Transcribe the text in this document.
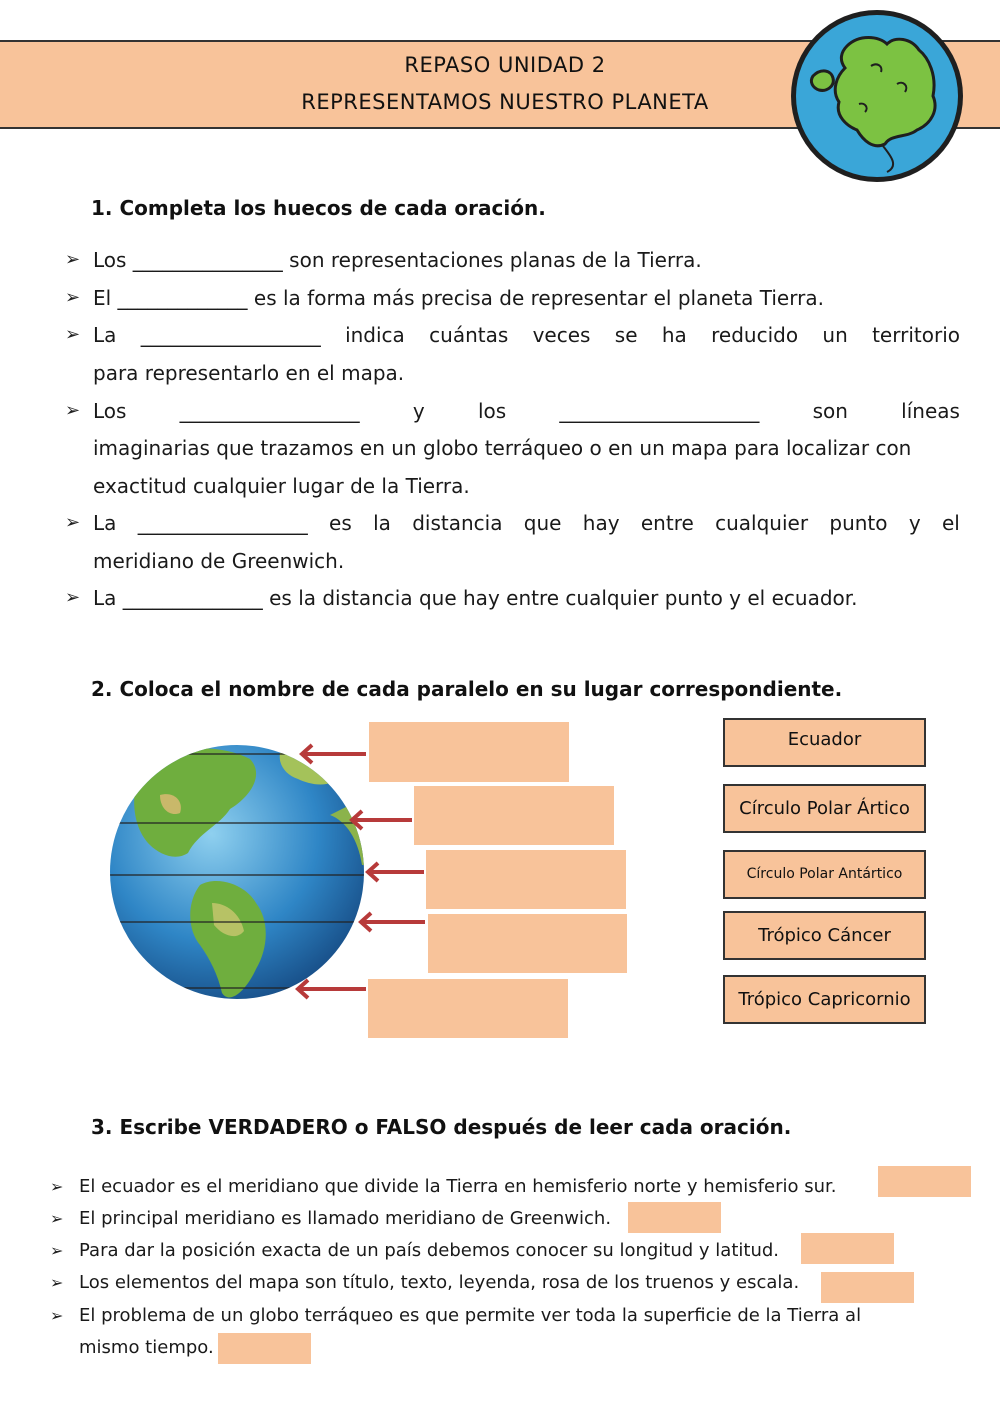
REPASO UNIDAD 2
REPRESENTAMOS NUESTRO PLANETA
1. Completa los huecos de cada oración.
➢ Los _______________ son representaciones planas de la Tierra.
➢ El _____________ es la forma más precisa de representar el planeta Tierra.
➢ La __________________ indica cuántas veces se ha reducido un territorio
para representarlo en el mapa.
➢ Los	__________________	y	los	____________________	son	líneas
imaginarias que trazamos en un globo terráqueo o en un mapa para localizar con
exactitud cualquier lugar de la Tierra.
➢ La _________________ es la distancia que hay entre cualquier punto y el
meridiano de Greenwich.
➢ La ______________ es la distancia que hay entre cualquier punto y el ecuador.
2. Coloca el nombre de cada paralelo en su lugar correspondiente.
Ecuador
Círculo Polar Ártico
Círculo Polar Antártico
Trópico Cáncer
Trópico Capricornio
3. Escribe VERDADERO o FALSO después de leer cada oración.
➢ El ecuador es el meridiano que divide la Tierra en hemisferio norte y hemisferio sur.
➢ El principal meridiano es llamado meridiano de Greenwich.
➢ Para dar la posición exacta de un país debemos conocer su longitud y latitud.
➢ Los elementos del mapa son título, texto, leyenda, rosa de los truenos y escala.
➢ El problema de un globo terráqueo es que permite ver toda la superficie de la Tierra al
mismo tiempo.
